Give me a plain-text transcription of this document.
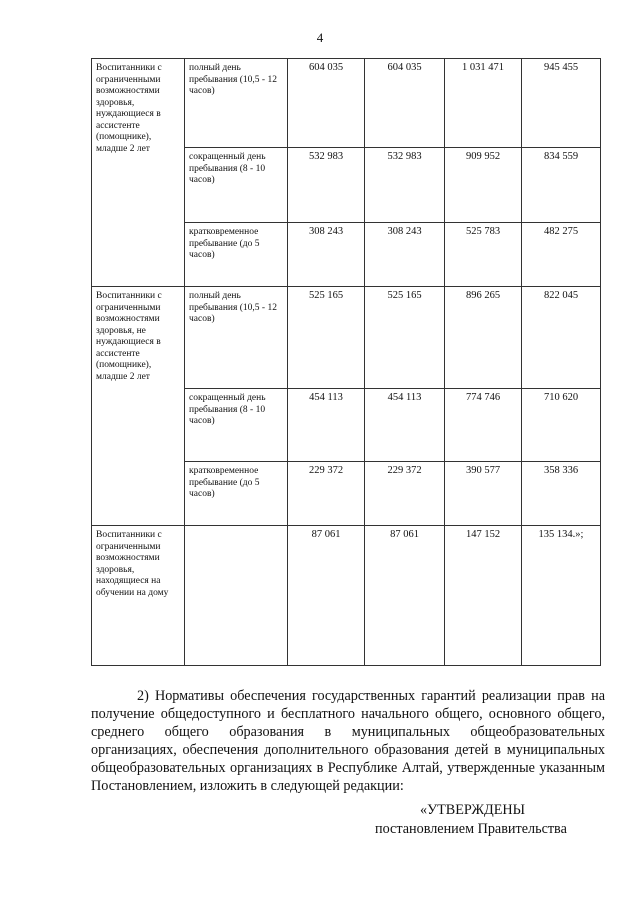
4
Воспитанники с ограниченными возможностями здоровья, нуждающиеся в ассистенте (помощнике), младше 2 лет	полный день пребывания (10,5 - 12 часов)	604 035	604 035	1 031 471	945 455
	сокращенный день пребывания (8 - 10 часов)	532 983	532 983	909 952	834 559
	кратковременное пребывание (до 5 часов)	308 243	308 243	525 783	482 275
Воспитанники с ограниченными возможностями здоровья, не нуждающиеся в ассистенте (помощнике), младше 2 лет	полный день пребывания (10,5 - 12 часов)	525 165	525 165	896 265	822 045
	сокращенный день пребывания (8 - 10 часов)	454 113	454 113	774 746	710 620
	кратковременное пребывание (до 5 часов)	229 372	229 372	390 577	358 336
Воспитанники с ограниченными возможностями здоровья, находящиеся на обучении на дому		87 061	87 061	147 152	135 134.»;

2) Нормативы обеспечения государственных гарантий реализации прав на получение общедоступного и бесплатного начального общего, основного общего, среднего общего образования в муниципальных общеобразовательных организациях, обеспечения дополнительного образования детей в муниципальных общеобразовательных организациях в Республике Алтай, утвержденные указанным Постановлением, изложить в следующей редакции:

«УТВЕРЖДЕНЫ
постановлением Правительства
